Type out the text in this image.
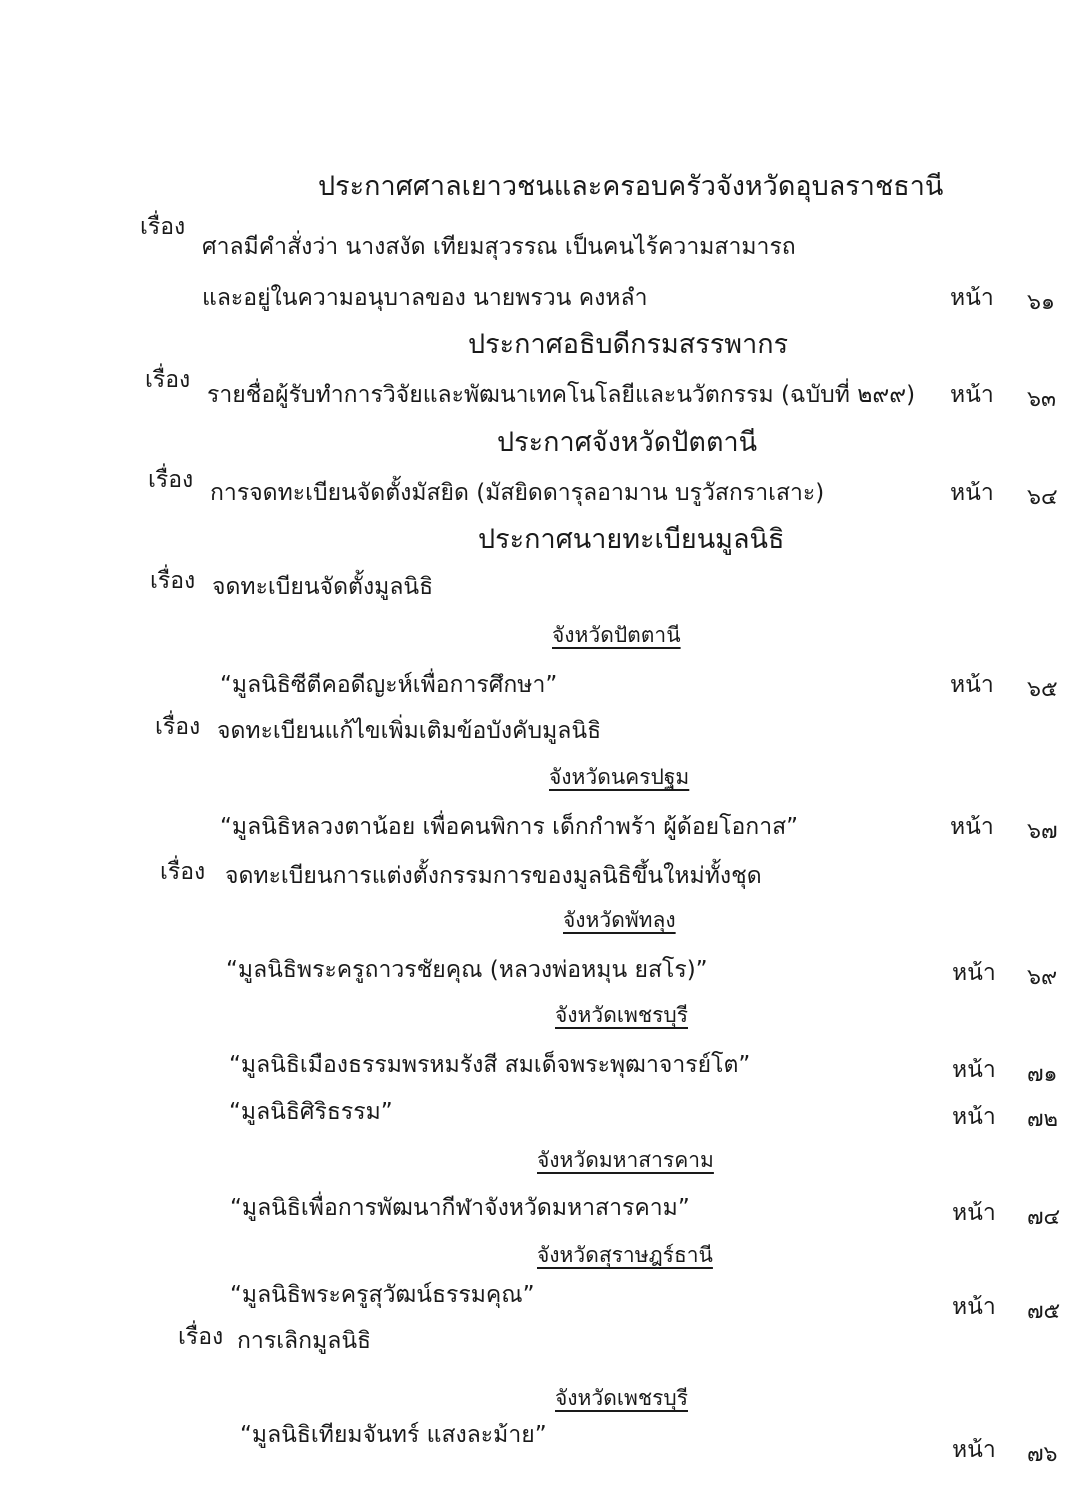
ประกาศศาลเยาวชนและครอบครัวจังหวัดอุบลราชธานี
เรื่อง
ศาลมีคำสั่งว่า นางสงัด เทียมสุวรรณ เป็นคนไร้ความสามารถ
และอยู่ในความอนุบาลของ นายพรวน คงหลำ	หน้า ๖๑
ประกาศอธิบดีกรมสรรพากร
เรื่อง
รายชื่อผู้รับทำการวิจัยและพัฒนาเทคโนโลยีและนวัตกรรม (ฉบับที่ ๒๙๙) หน้า ๖๓
ประกาศจังหวัดปัตตานี
เรื่อง การจดทะเบียนจัดตั้งมัสยิด (มัสยิดดารุลอามาน บรูวัสกราเสาะ)	หน้า ๖๔
ประกาศนายทะเบียนมูลนิธิ
เรื่อง จดทะเบียนจัดตั้งมูลนิธิ
จังหวัดปัตตานี
“มูลนิธิซีตีคอดีญะห์เพื่อการศึกษา”	หน้า ๖๕
เรื่อง จดทะเบียนแก้ไขเพิ่มเติมข้อบังคับมูลนิธิ
จังหวัดนครปฐม
“มูลนิธิหลวงตาน้อย เพื่อคนพิการ เด็กกำพร้า ผู้ด้อยโอกาส”	หน้า ๖๗
เรื่อง จดทะเบียนการแต่งตั้งกรรมการของมูลนิธิขึ้นใหม่ทั้งชุด
จังหวัดพัทลุง
“มูลนิธิพระครูถาวรชัยคุณ (หลวงพ่อหมุน ยสโร)”	หน้า ๖๙
จังหวัดเพชรบุรี
“มูลนิธิเมืองธรรมพรหมรังสี สมเด็จพระพุฒาจารย์โต”	หน้า ๗๑
“มูลนิธิศิริธรรม”	หน้า ๗๒
จังหวัดมหาสารคาม
“มูลนิธิเพื่อการพัฒนากีฬาจังหวัดมหาสารคาม”	หน้า ๗๔
จังหวัดสุราษฎร์ธานี
“มูลนิธิพระครูสุวัฒน์ธรรมคุณ”	หน้า ๗๕
เรื่อง การเลิกมูลนิธิ
จังหวัดเพชรบุรี
“มูลนิธิเทียมจันทร์ แสงละม้าย”
หน้า ๗๖
